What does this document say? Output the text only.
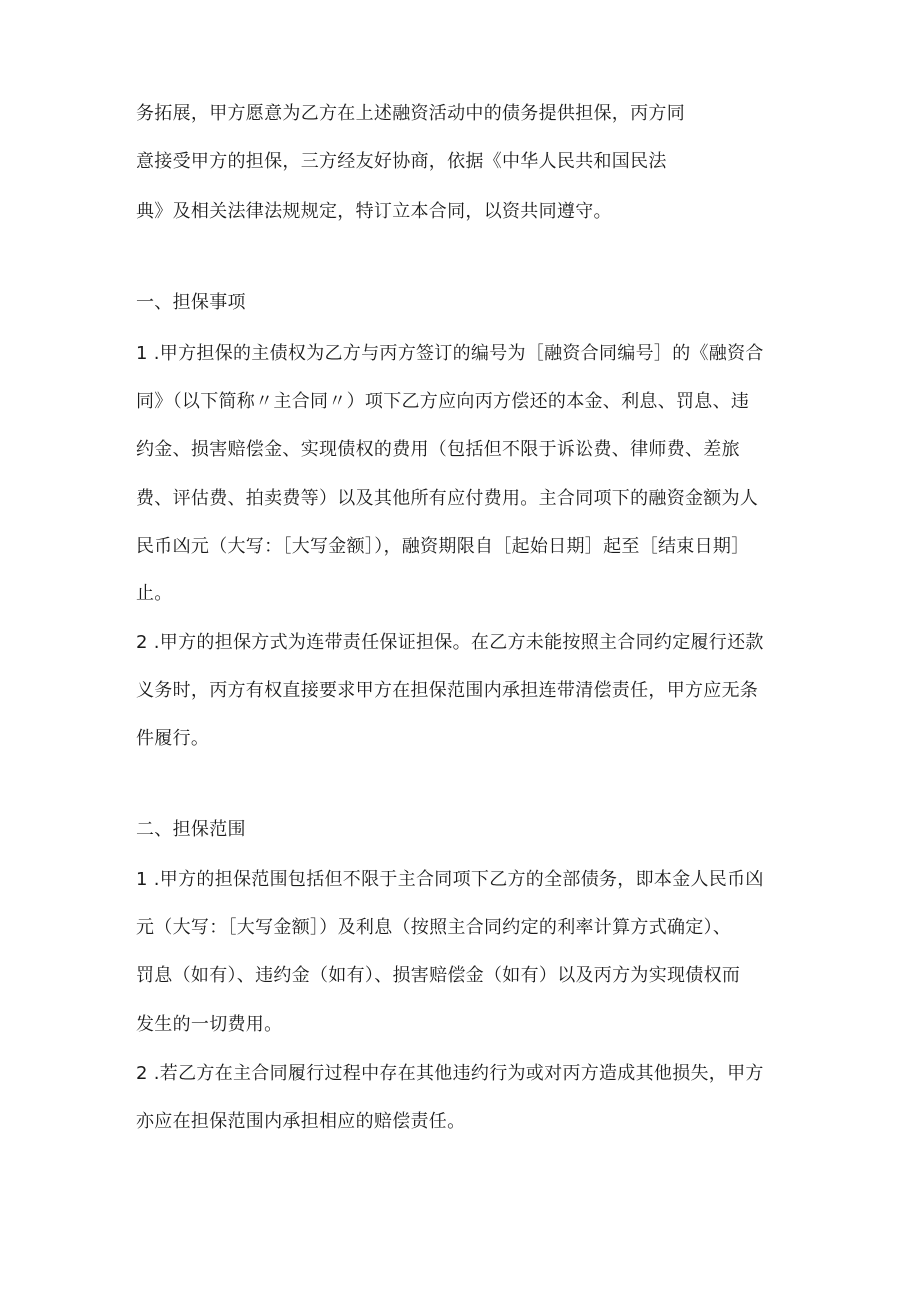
务拓展，甲方愿意为乙方在上述融资活动中的债务提供担保，丙方同
意接受甲方的担保，三方经友好协商，依据《中华人民共和国民法
典》及相关法律法规规定，特订立本合同，以资共同遵守。
一、担保事项
1 .甲方担保的主债权为乙方与丙方签订的编号为［融资合同编号］的《融资合
同》（以下简称〃主合同〃）项下乙方应向丙方偿还的本金、利息、罚息、违
约金、损害赔偿金、实现债权的费用（包括但不限于诉讼费、律师费、差旅
费、评估费、拍卖费等）以及其他所有应付费用。主合同项下的融资金额为人
民币凶元（大写：［大写金额］），融资期限自［起始日期］起至［结束日期］
止。
2 .甲方的担保方式为连带责任保证担保。在乙方未能按照主合同约定履行还款
义务时，丙方有权直接要求甲方在担保范围内承担连带清偿责任，甲方应无条
件履行。
二、担保范围
1 .甲方的担保范围包括但不限于主合同项下乙方的全部债务，即本金人民币凶
元（大写：［大写金额］）及利息（按照主合同约定的利率计算方式确定）、
罚息（如有）、违约金（如有）、损害赔偿金（如有）以及丙方为实现债权而
发生的一切费用。
2 .若乙方在主合同履行过程中存在其他违约行为或对丙方造成其他损失，甲方
亦应在担保范围内承担相应的赔偿责任。
